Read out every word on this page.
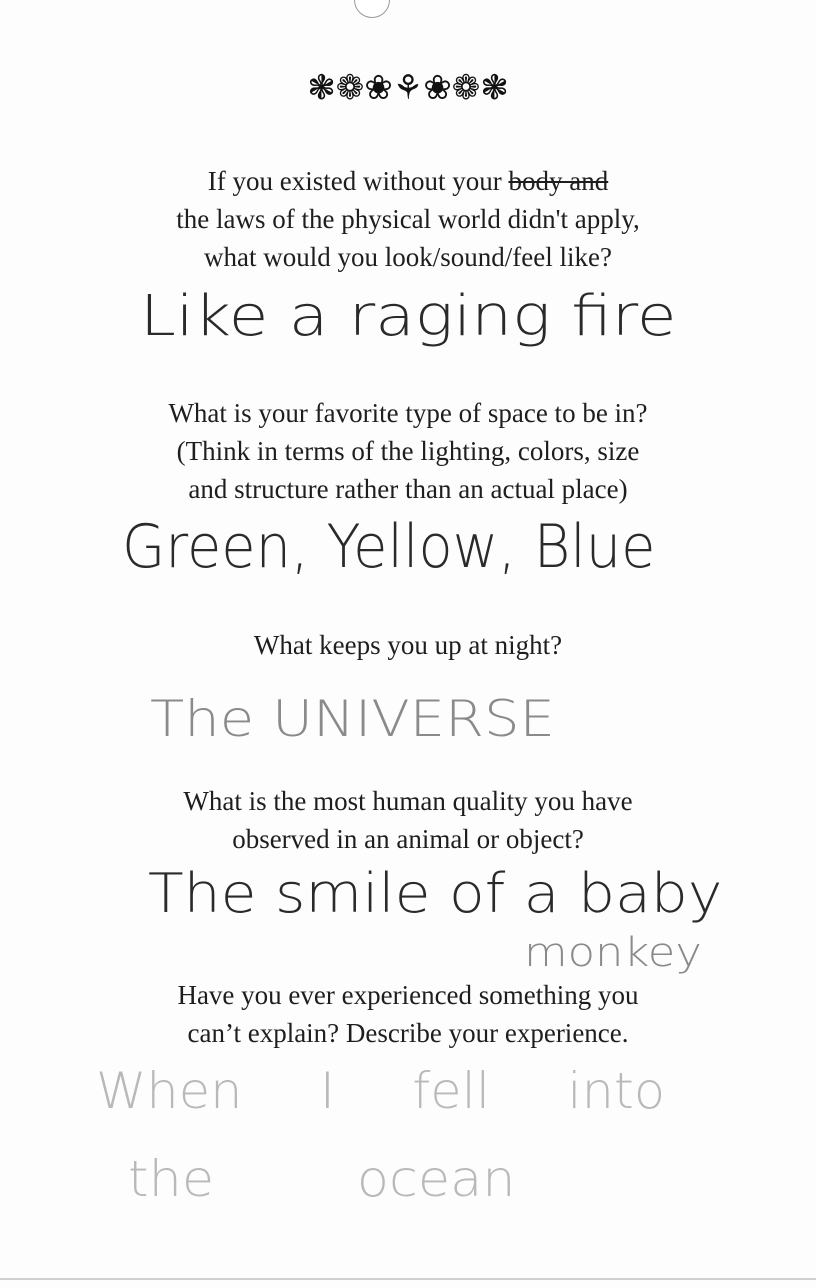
❃❁❀⚘❀❁❃
If you existed without your body and
the laws of the physical world didn't apply,
what would you look/sound/feel like?
Like a raging fire
What is your favorite type of space to be in?
(Think in terms of the lighting, colors, size
and structure rather than an actual place)
Green, Yellow, Blue
What keeps you up at night?
The UNIVERSE
What is the most human quality you have
observed in an animal or object?
The smile of a baby
monkey
Have you ever experienced something you
can’t explain? Describe your experience.
When I fell into
the ocean
